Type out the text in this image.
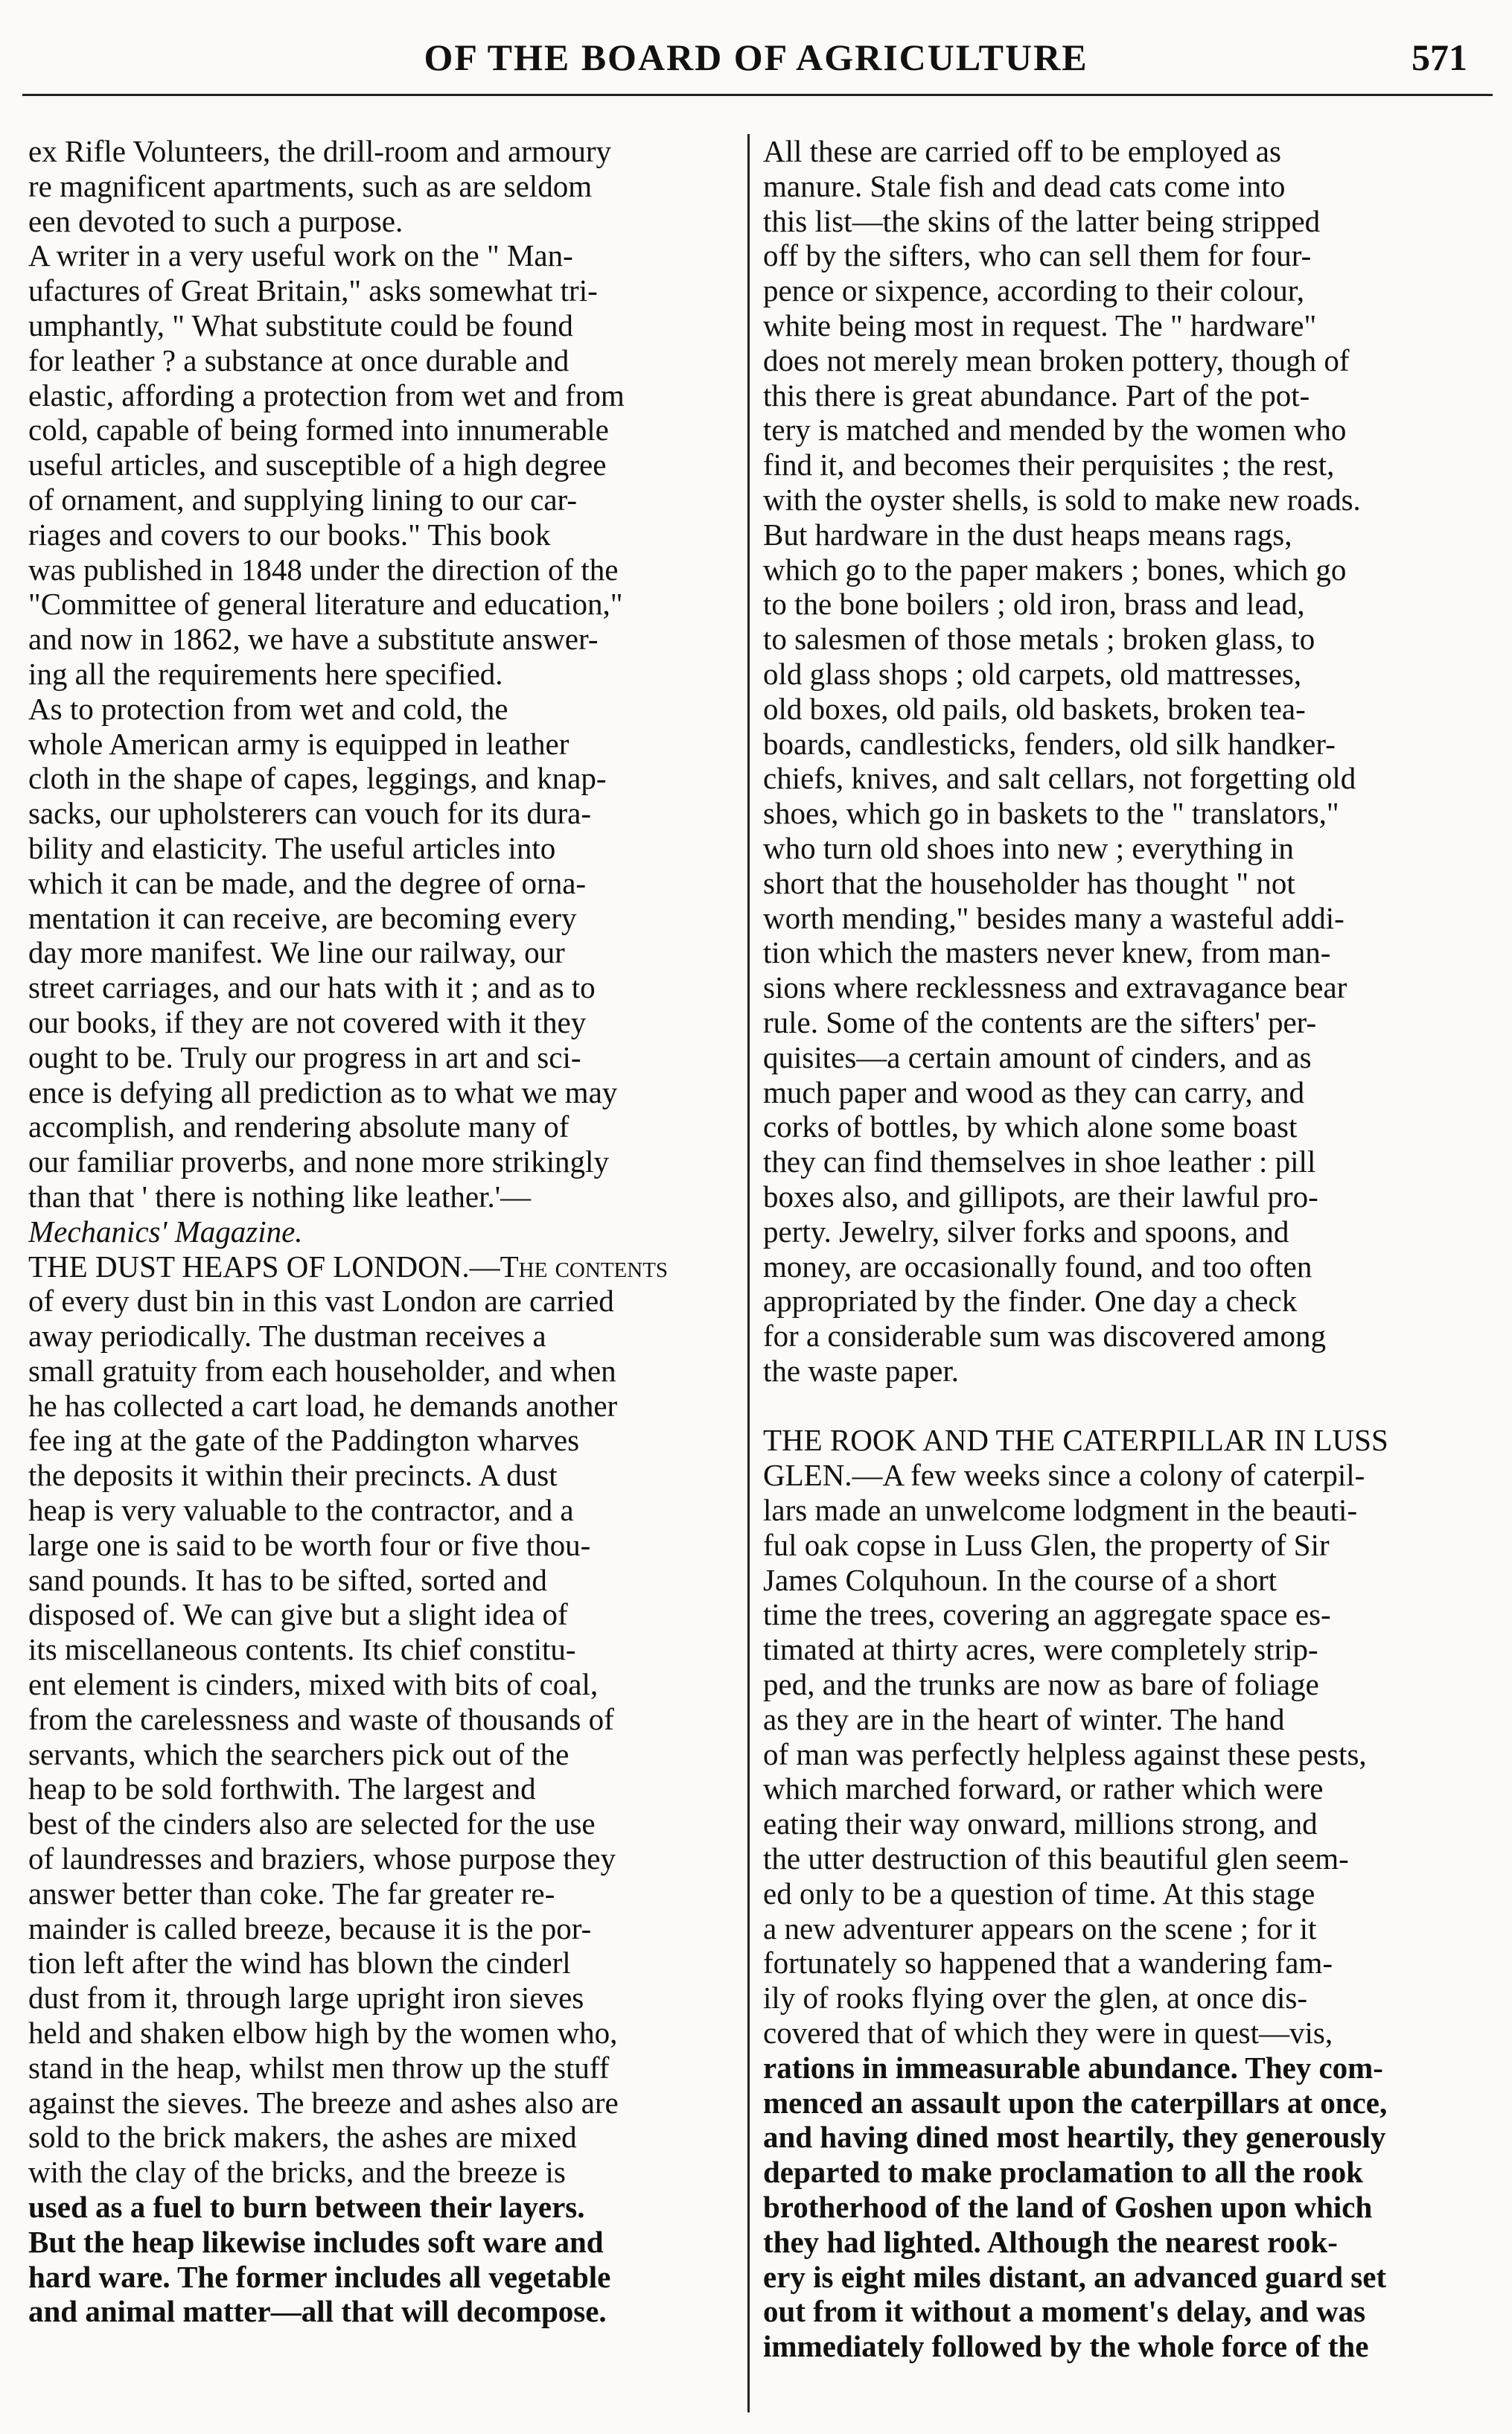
OF THE BOARD OF AGRICULTURE	571
ex Rifle Volunteers, the drill-room and armoury
re magnificent apartments, such as are seldom
een devoted to such a purpose.
A writer in a very useful work on the " Man-
ufactures of Great Britain," asks somewhat tri-
umphantly, " What substitute could be found
for leather ? a substance at once durable and
elastic, affording a protection from wet and from
cold, capable of being formed into innumerable
useful articles, and susceptible of a high degree
of ornament, and supplying lining to our car-
riages and covers to our books." This book
was published in 1848 under the direction of the
"Committee of general literature and education,"
and now in 1862, we have a substitute answer-
ing all the requirements here specified.
As to protection from wet and cold, the
whole American army is equipped in leather
cloth in the shape of capes, leggings, and knap-
sacks, our upholsterers can vouch for its dura-
bility and elasticity. The useful articles into
which it can be made, and the degree of orna-
mentation it can receive, are becoming every
day more manifest. We line our railway, our
street carriages, and our hats with it ; and as to
our books, if they are not covered with it they
ought to be. Truly our progress in art and sci-
ence is defying all prediction as to what we may
accomplish, and rendering absolute many of
our familiar proverbs, and none more strikingly
than that ' there is nothing like leather.'—
Mechanics' Magazine.
THE DUST HEAPS OF LONDON.—The contents
of every dust bin in this vast London are carried
away periodically. The dustman receives a
small gratuity from each householder, and when
he has collected a cart load, he demands another
fee ing at the gate of the Paddington wharves
the deposits it within their precincts. A dust
heap is very valuable to the contractor, and a
large one is said to be worth four or five thou-
sand pounds. It has to be sifted, sorted and
disposed of. We can give but a slight idea of
its miscellaneous contents. Its chief constitu-
ent element is cinders, mixed with bits of coal,
from the carelessness and waste of thousands of
servants, which the searchers pick out of the
heap to be sold forthwith. The largest and
best of the cinders also are selected for the use
of laundresses and braziers, whose purpose they
answer better than coke. The far greater re-
mainder is called breeze, because it is the por-
tion left after the wind has blown the cinderl
dust from it, through large upright iron sieves
held and shaken elbow high by the women who,
stand in the heap, whilst men throw up the stuff
against the sieves. The breeze and ashes also are
sold to the brick makers, the ashes are mixed
with the clay of the bricks, and the breeze is
used as a fuel to burn between their layers.
But the heap likewise includes soft ware and
hard ware. The former includes all vegetable
and animal matter—all that will decompose.
All these are carried off to be employed as
manure. Stale fish and dead cats come into
this list—the skins of the latter being stripped
off by the sifters, who can sell them for four-
pence or sixpence, according to their colour,
white being most in request. The " hardware"
does not merely mean broken pottery, though of
this there is great abundance. Part of the pot-
tery is matched and mended by the women who
find it, and becomes their perquisites ; the rest,
with the oyster shells, is sold to make new roads.
But hardware in the dust heaps means rags,
which go to the paper makers ; bones, which go
to the bone boilers ; old iron, brass and lead,
to salesmen of those metals ; broken glass, to
old glass shops ; old carpets, old mattresses,
old boxes, old pails, old baskets, broken tea-
boards, candlesticks, fenders, old silk handker-
chiefs, knives, and salt cellars, not forgetting old
shoes, which go in baskets to the " translators,"
who turn old shoes into new ; everything in
short that the householder has thought " not
worth mending," besides many a wasteful addi-
tion which the masters never knew, from man-
sions where recklessness and extravagance bear
rule. Some of the contents are the sifters' per-
quisites—a certain amount of cinders, and as
much paper and wood as they can carry, and
corks of bottles, by which alone some boast
they can find themselves in shoe leather : pill
boxes also, and gillipots, are their lawful pro-
perty. Jewelry, silver forks and spoons, and
money, are occasionally found, and too often
appropriated by the finder. One day a check
for a considerable sum was discovered among
the waste paper.
THE ROOK AND THE CATERPILLAR IN LUSS
GLEN.—A few weeks since a colony of caterpil-
lars made an unwelcome lodgment in the beauti-
ful oak copse in Luss Glen, the property of Sir
James Colquhoun. In the course of a short
time the trees, covering an aggregate space es-
timated at thirty acres, were completely strip-
ped, and the trunks are now as bare of foliage
as they are in the heart of winter. The hand
of man was perfectly helpless against these pests,
which marched forward, or rather which were
eating their way onward, millions strong, and
the utter destruction of this beautiful glen seem-
ed only to be a question of time. At this stage
a new adventurer appears on the scene ; for it
fortunately so happened that a wandering fam-
ily of rooks flying over the glen, at once dis-
covered that of which they were in quest—vis,
rations in immeasurable abundance. They com-
menced an assault upon the caterpillars at once,
and having dined most heartily, they generously
departed to make proclamation to all the rook
brotherhood of the land of Goshen upon which
they had lighted. Although the nearest rook-
ery is eight miles distant, an advanced guard set
out from it without a moment's delay, and was
immediately followed by the whole force of the
